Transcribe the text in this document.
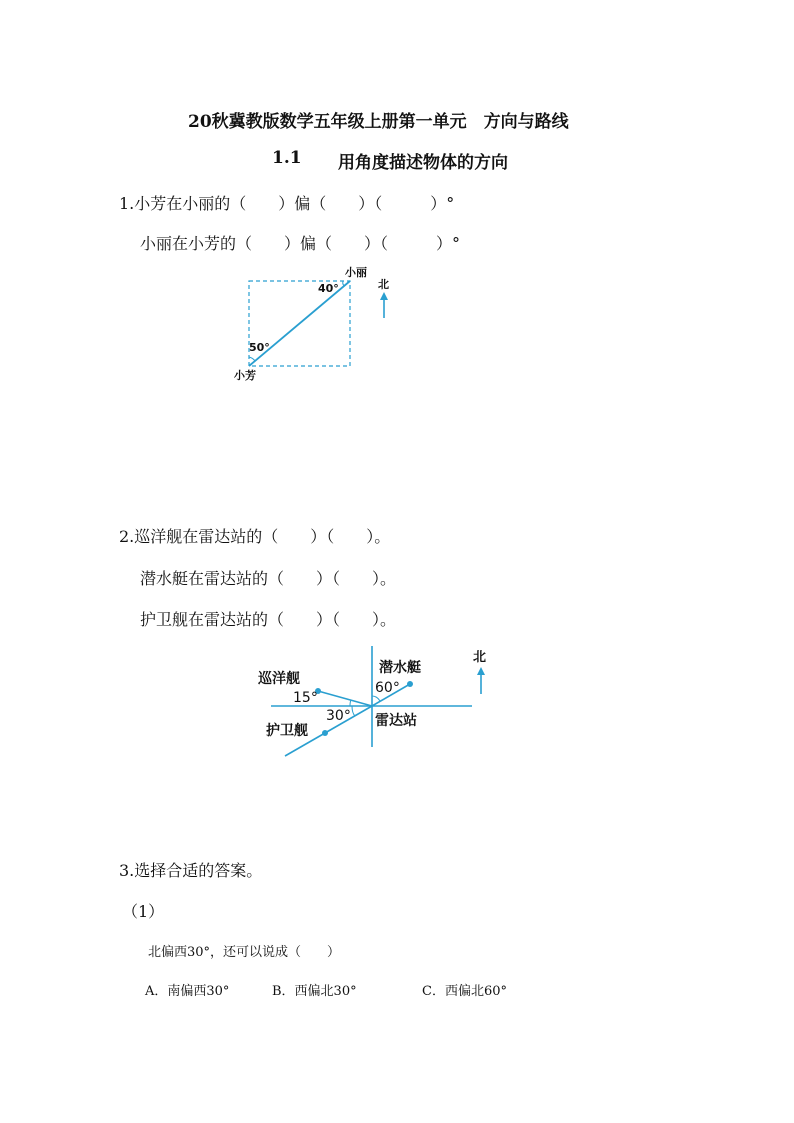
20秋冀教版数学五年级上册第一单元　方向与路线
1.1 用角度描述物体的方向
1.小芳在小丽的（　　）偏（　　）（　　　）°
小丽在小芳的（　　）偏（　　）（　　　）°
小丽
40°
50°
小芳
北
2.巡洋舰在雷达站的（　　）（　　）。
潜水艇在雷达站的（　　）（　　）。
护卫舰在雷达站的（　　）（　　）。
巡洋舰
15°
30°
护卫舰
潜水艇
60°
雷达站
北
3.选择合适的答案。
（1）
北偏西30°，还可以说成（　　）
A．南偏西30°	B．西偏北30°	C．西偏北60°
